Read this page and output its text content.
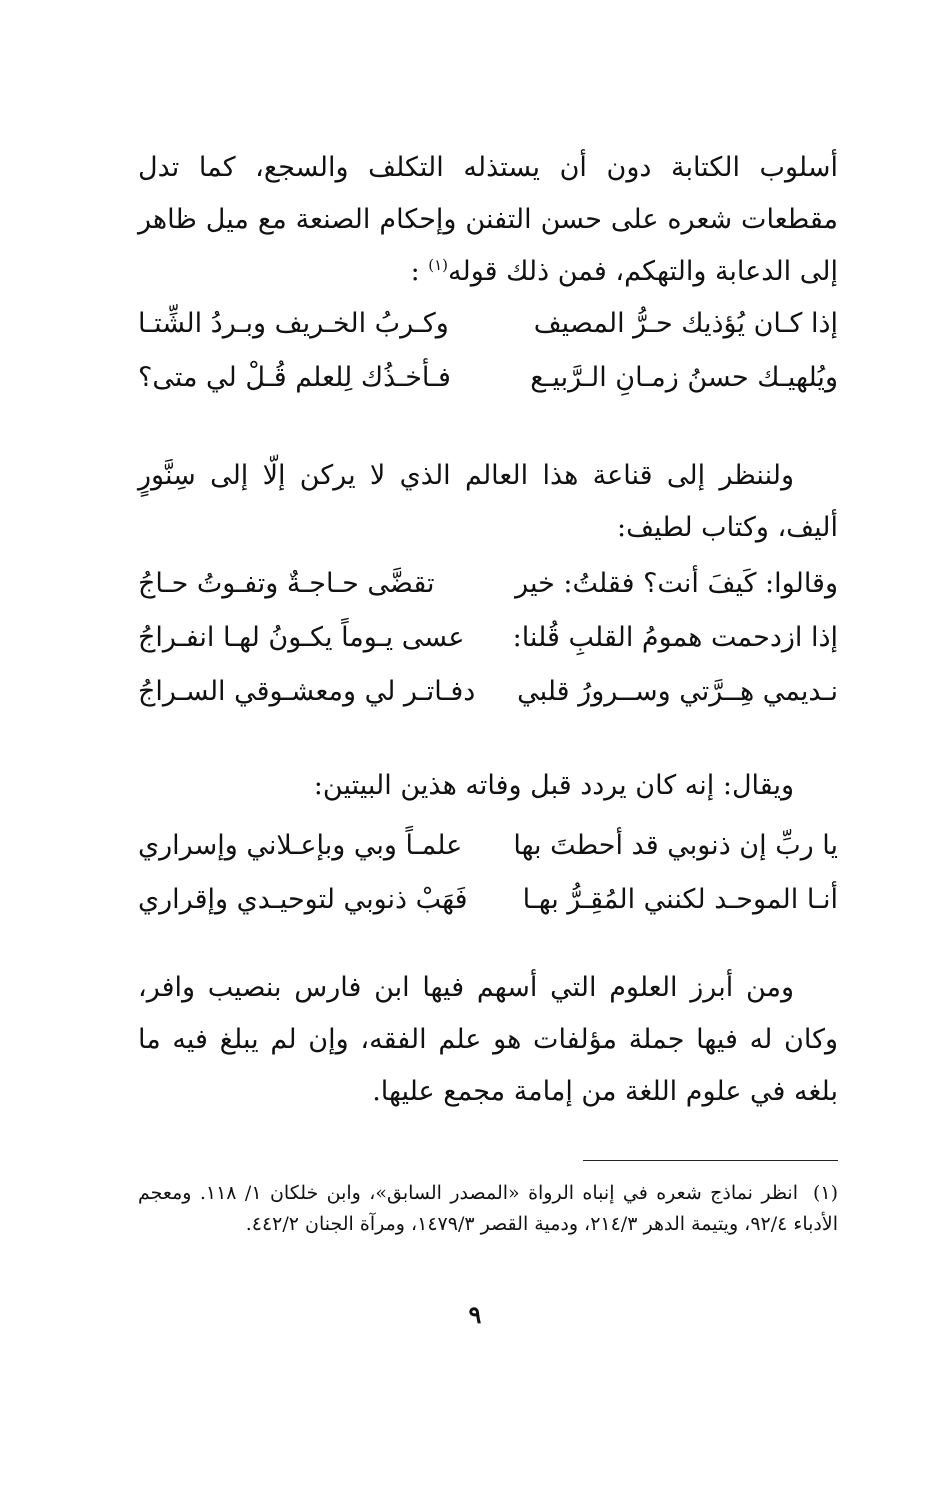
أسلوب الكتابة دون أن يستذله التكلف والسجع، كما تدل مقطعات شعره على حسن التفنن وإحكام الصنعة مع ميل ظاهر إلى الدعابة والتهكم، فمن ذلك قوله$^{(١)}$ :

إذا كـان يُؤذيك حـرُّ المصيف
وكـربُ الخـريف وبـردُ الشِّتـا
ويُلهيـك حسنُ زمـانِ الـرَّبيـع
فـأخـذُك لِلعلم قُـلْ لي متى؟

ولننظر إلى قناعة هذا العالم الذي لا يركن إلّا إلى سِنَّورٍ أليف، وكتاب لطيف:

وقالوا: كَيفَ أنت؟ فقلتُ: خير
تقضَّى حـاجـةٌ وتفـوتُ حـاجُ
إذا ازدحمت همومُ القلبِ قُلنا:
عسى يـوماً يكـونُ لهـا انفـراجُ
نـديمي هِــرَّتي وســرورُ قلبي
دفـاتـر لي ومعشـوقي السـراجُ

ويقال: إنه كان يردد قبل وفاته هذين البيتين:

يا ربِّ إن ذنوبي قد أحطتَ بها
علمـاً وبي وبإعـلاني وإسراري
أنـا الموحـد لكنني المُقِـرُّ بهـا
فَهَبْ ذنوبي لتوحيـدي وإقراري

ومن أبرز العلوم التي أسهم فيها ابن فارس بنصيب وافر، وكان له فيها جملة مؤلفات هو علم الفقه، وإن لم يبلغ فيه ما بلغه في علوم اللغة من إمامة مجمع عليها.

(١)انظر نماذج شعره في إنباه الرواة «المصدر السابق»، وابن خلكان ١/ ١١٨. ومعجم الأدباء ٩٢/٤، ويتيمة الدهر ٢١٤/٣، ودمية القصر ١٤٧٩/٣، ومرآة الجنان ٤٤٢/٢.
٩
